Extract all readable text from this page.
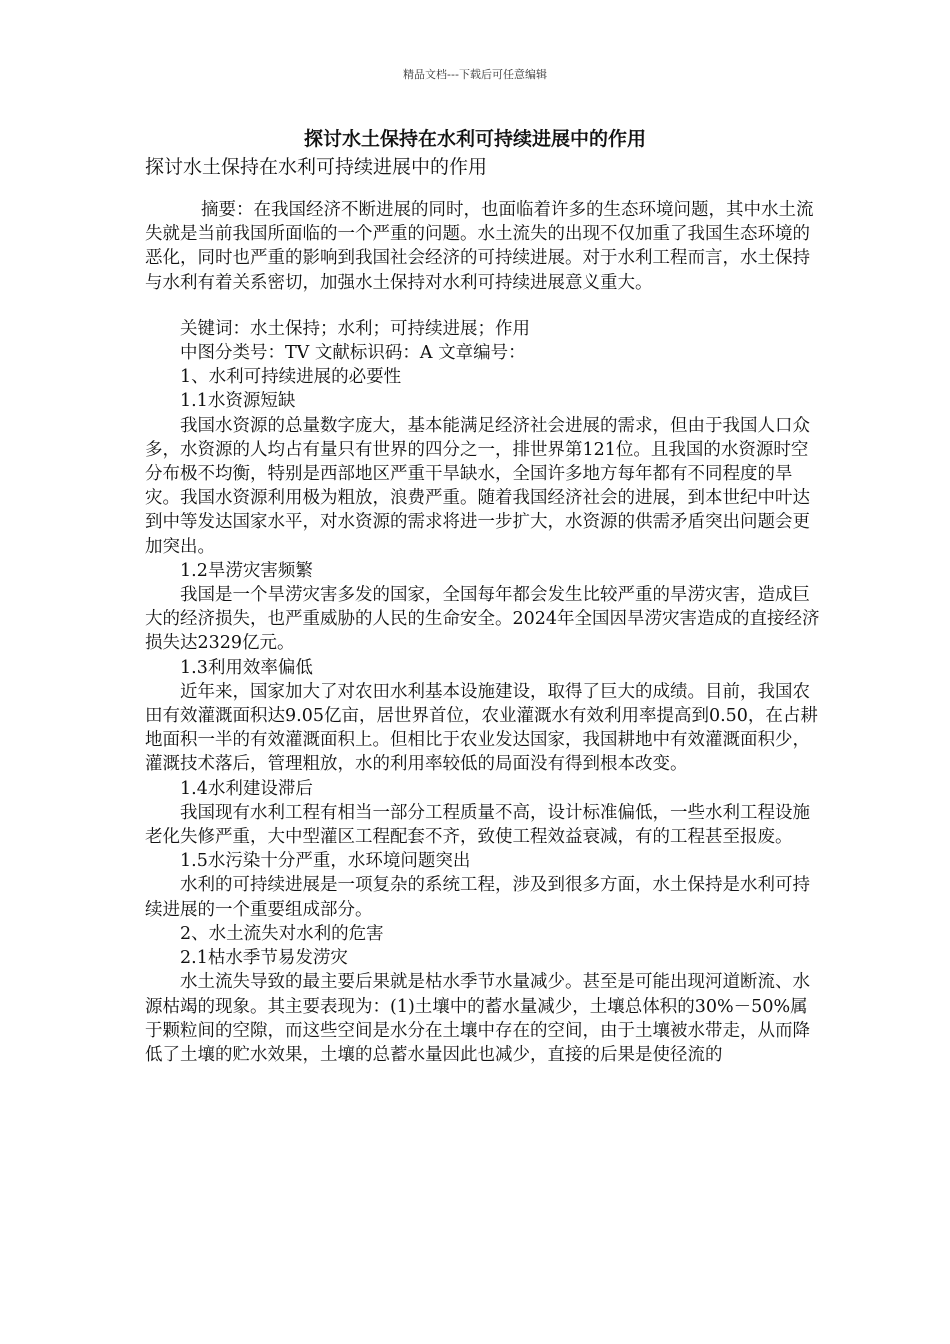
精品文档---下载后可任意编辑
探讨水土保持在水利可持续进展中的作用
探讨水土保持在水利可持续进展中的作用

摘要：在我国经济不断进展的同时，也面临着许多的生态环境问题，其中水土流失就是当前我国所面临的一个严重的问题。水土流失的出现不仅加重了我国生态环境的恶化，同时也严重的影响到我国社会经济的可持续进展。对于水利工程而言，水土保持与水利有着关系密切，加强水土保持对水利可持续进展意义重大。

关键词：水土保持；水利；可持续进展；作用

中图分类号：TV 文献标识码：A 文章编号：

1、水利可持续进展的必要性

1.1水资源短缺

我国水资源的总量数字庞大，基本能满足经济社会进展的需求，但由于我国人口众多，水资源的人均占有量只有世界的四分之一，排世界第121位。且我国的水资源时空分布极不均衡，特别是西部地区严重干旱缺水，全国许多地方每年都有不同程度的旱灾。我国水资源利用极为粗放，浪费严重。随着我国经济社会的进展，到本世纪中叶达到中等发达国家水平，对水资源的需求将进一步扩大，水资源的供需矛盾突出问题会更加突出。

1.2旱涝灾害频繁

我国是一个旱涝灾害多发的国家，全国每年都会发生比较严重的旱涝灾害，造成巨大的经济损失，也严重威胁的人民的生命安全。2024年全国因旱涝灾害造成的直接经济损失达2329亿元。

1.3利用效率偏低

近年来，国家加大了对农田水利基本设施建设，取得了巨大的成绩。目前，我国农田有效灌溉面积达9.05亿亩，居世界首位，农业灌溉水有效利用率提高到0.50，在占耕地面积一半的有效灌溉面积上。但相比于农业发达国家，我国耕地中有效灌溉面积少，灌溉技术落后，管理粗放，水的利用率较低的局面没有得到根本改变。

1.4水利建设滞后

我国现有水利工程有相当一部分工程质量不高，设计标准偏低，一些水利工程设施老化失修严重，大中型灌区工程配套不齐，致使工程效益衰减，有的工程甚至报废。

1.5水污染十分严重，水环境问题突出

水利的可持续进展是一项复杂的系统工程，涉及到很多方面，水土保持是水利可持续进展的一个重要组成部分。

2、水土流失对水利的危害

2.1枯水季节易发涝灾

水土流失导致的最主要后果就是枯水季节水量减少。甚至是可能出现河道断流、水源枯竭的现象。其主要表现为：(1)土壤中的蓄水量减少，土壤总体积的30%－50%属于颗粒间的空隙，而这些空间是水分在土壤中存在的空间，由于土壤被水带走，从而降低了土壤的贮水效果，土壤的总蓄水量因此也减少，直接的后果是使径流的
